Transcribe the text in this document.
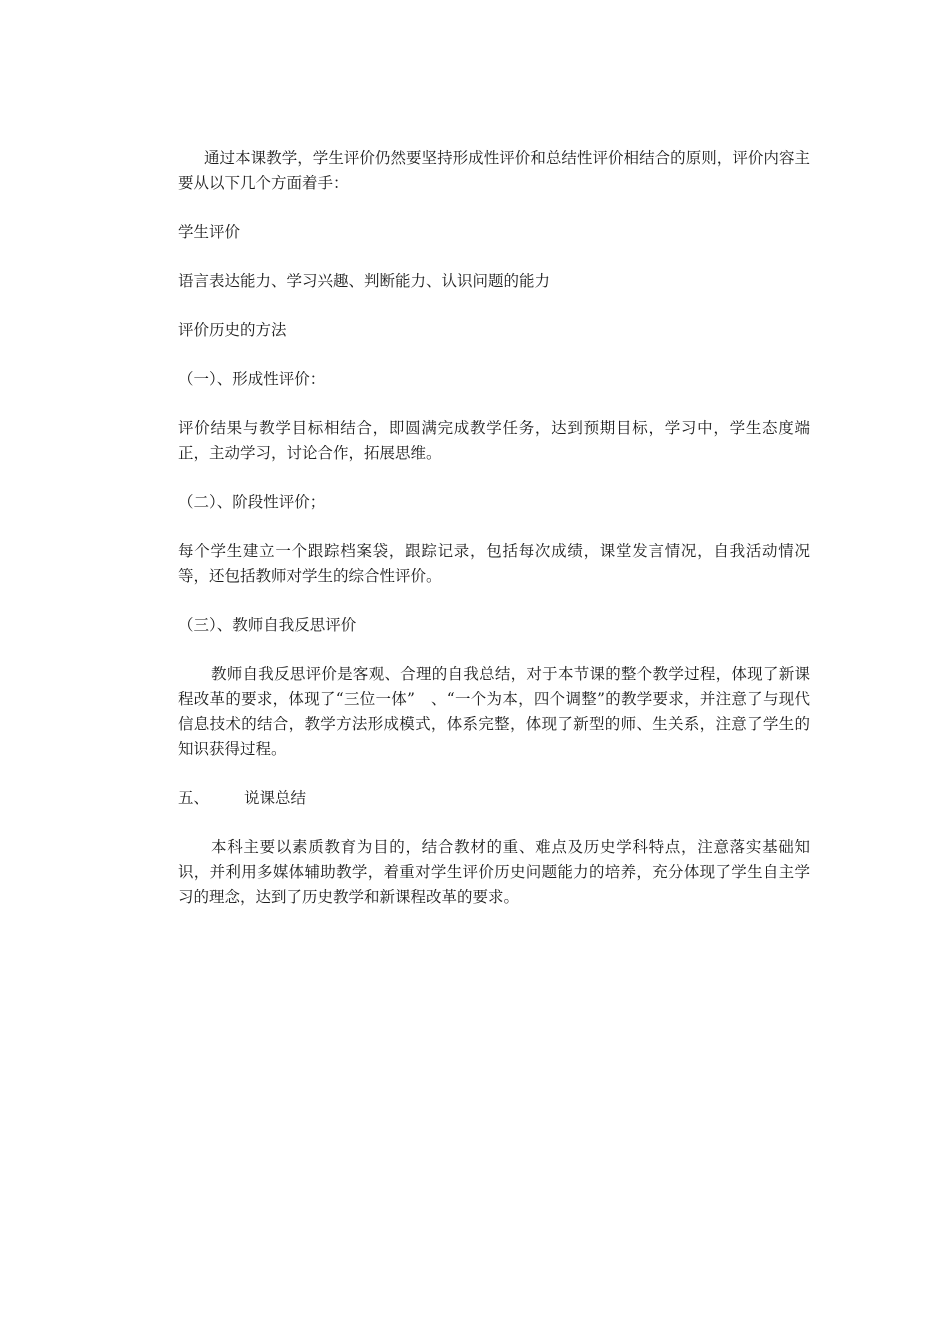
通过本课教学，学生评价仍然要坚持形成性评价和总结性评价相结合的原则，评价内容主要从以下几个方面着手：

学生评价

语言表达能力、学习兴趣、判断能力、认识问题的能力

评价历史的方法

（一）、形成性评价：

评价结果与教学目标相结合，即圆满完成教学任务，达到预期目标，学习中，学生态度端正，主动学习，讨论合作，拓展思维。

（二）、阶段性评价；

每个学生建立一个跟踪档案袋，跟踪记录，包括每次成绩，课堂发言情况，自我活动情况等，还包括教师对学生的综合性评价。

（三）、教师自我反思评价

教师自我反思评价是客观、合理的自我总结，对于本节课的整个教学过程，体现了新课程改革的要求，体现了“三位一体”　、“一个为本，四个调整”的教学要求，并注意了与现代信息技术的结合，教学方法形成模式，体系完整，体现了新型的师、生关系，注意了学生的知识获得过程。

五、 说课总结

本科主要以素质教育为目的，结合教材的重、难点及历史学科特点，注意落实基础知识，并利用多媒体辅助教学，着重对学生评价历史问题能力的培养，充分体现了学生自主学习的理念，达到了历史教学和新课程改革的要求。
